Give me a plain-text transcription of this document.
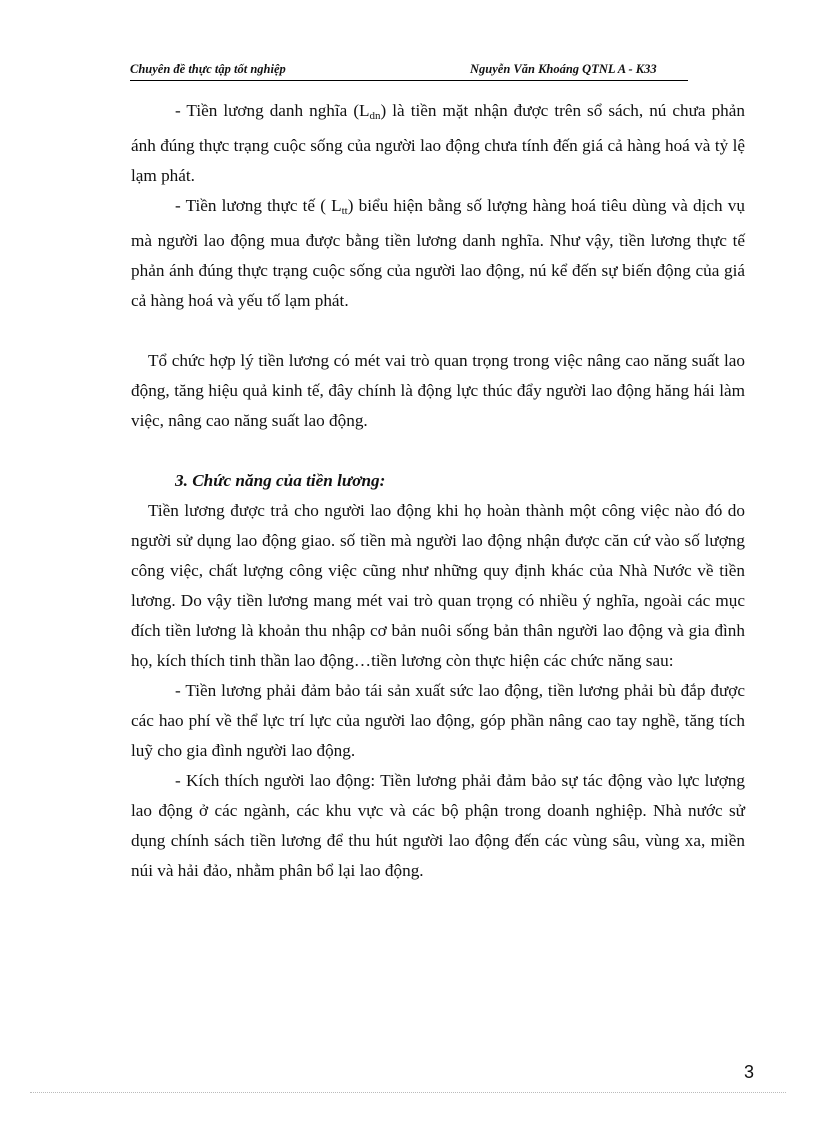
Chuyên đề thực tập tốt nghiệp	Nguyễn Văn Khoáng QTNL A - K33

- Tiền lương danh nghĩa $(L_{dn})$ là tiền mặt nhận được trên sổ sách, nú chưa phản ánh đúng thực trạng cuộc sống của người lao động chưa tính đến giá cả hàng hoá và tỷ lệ lạm phát.

- Tiền lương thực tế ( $L_{tt}$) biểu hiện bằng số lượng hàng hoá tiêu dùng và dịch vụ mà người lao động mua được bằng tiền lương danh nghĩa. Như vậy, tiền lương thực tế phản ánh đúng thực trạng cuộc sống của người lao động, nú kể đến sự biến động của giá cả hàng hoá và yếu tố lạm phát.

Tổ chức hợp lý tiền lương có mét vai trò quan trọng trong việc nâng cao năng suất lao động, tăng hiệu quả kinh tế, đây chính là động lực thúc đẩy người lao động hăng hái làm việc, nâng cao năng suất lao động.

3. Chức năng của tiền lương:

Tiền lương được trả cho người lao động khi họ hoàn thành một công việc nào đó do người sử dụng lao động giao. số tiền mà người lao động nhận được căn cứ vào số lượng công việc, chất lượng công việc cũng như những quy định khác của Nhà Nước về tiền lương. Do vậy tiền lương mang mét vai trò quan trọng có nhiều ý nghĩa, ngoài các mục đích tiền lương là khoản thu nhập cơ bản nuôi sống bản thân người lao động và gia đình họ, kích thích tinh thần lao động…tiền lương còn thực hiện các chức năng sau:

- Tiền lương phải đảm bảo tái sản xuất sức lao động, tiền lương phải bù đắp được các hao phí về thể lực trí lực của người lao động, góp phần nâng cao tay nghề, tăng tích luỹ cho gia đình người lao động.

- Kích thích người lao động: Tiền lương phải đảm bảo sự tác động vào lực lượng lao động ở các ngành, các khu vực và các bộ phận trong doanh nghiệp. Nhà nước sử dụng chính sách tiền lương để thu hút người lao động đến các vùng sâu, vùng xa, miền núi và hải đảo, nhằm phân bổ lại lao động.

3
